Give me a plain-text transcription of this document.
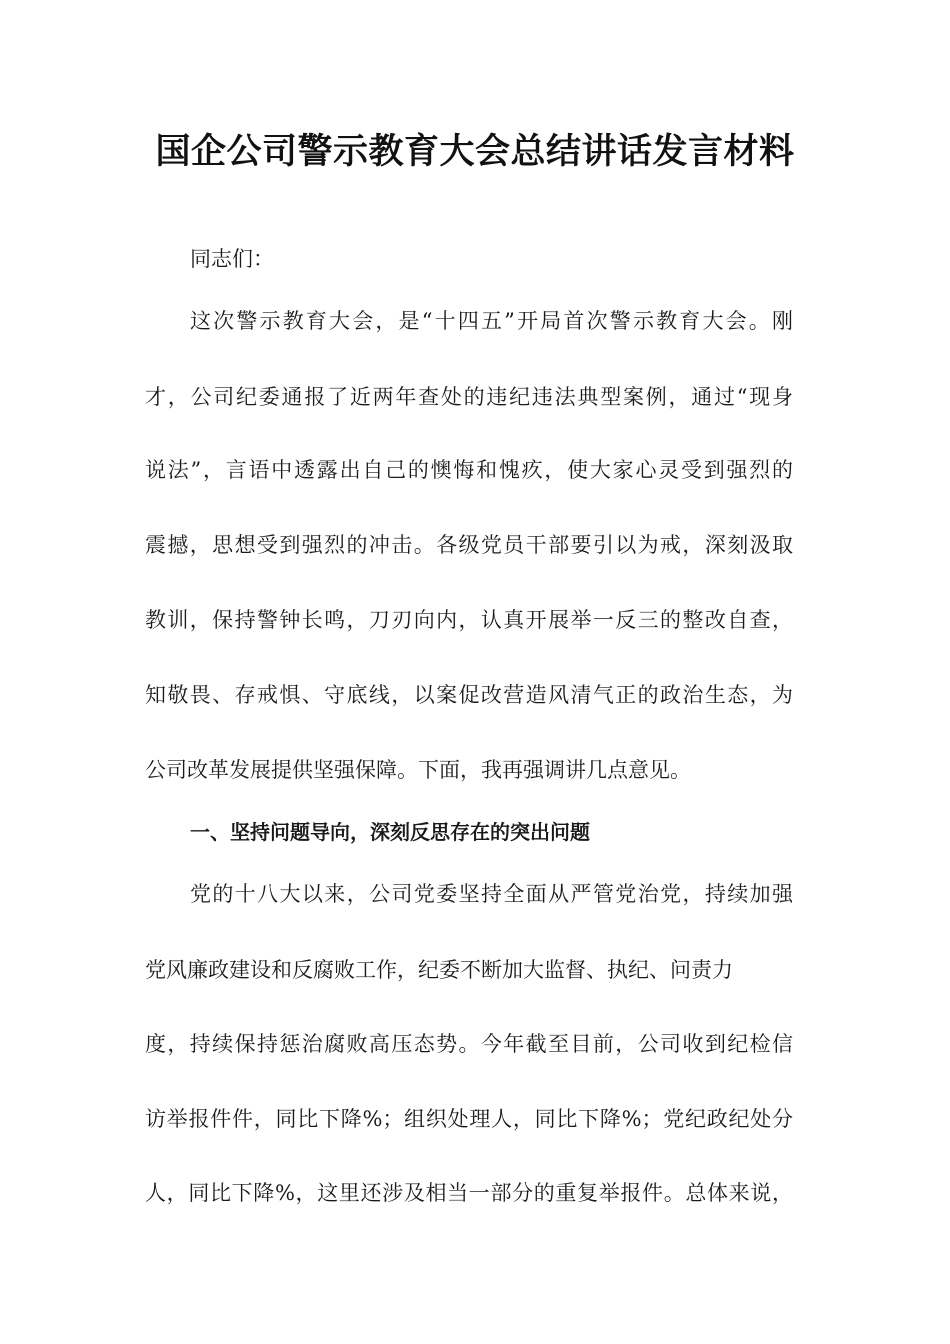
国企公司警示教育大会总结讲话发言材料
同志们：
这次警示教育大会，是“十四五”开局首次警示教育大会。刚
才，公司纪委通报了近两年查处的违纪违法典型案例，通过“现身
说法”，言语中透露出自己的懊悔和愧疚，使大家心灵受到强烈的
震撼，思想受到强烈的冲击。各级党员干部要引以为戒，深刻汲取
教训，保持警钟长鸣，刀刃向内，认真开展举一反三的整改自查，
知敬畏、存戒惧、守底线，以案促改营造风清气正的政治生态，为
公司改革发展提供坚强保障。下面，我再强调讲几点意见。
一、坚持问题导向，深刻反思存在的突出问题
党的十八大以来，公司党委坚持全面从严管党治党，持续加强
党风廉政建设和反腐败工作，纪委不断加大监督、执纪、问责力
度，持续保持惩治腐败高压态势。今年截至目前，公司收到纪检信
访举报件件，同比下降%；组织处理人，同比下降%；党纪政纪处分
人，同比下降%，这里还涉及相当一部分的重复举报件。总体来说，
